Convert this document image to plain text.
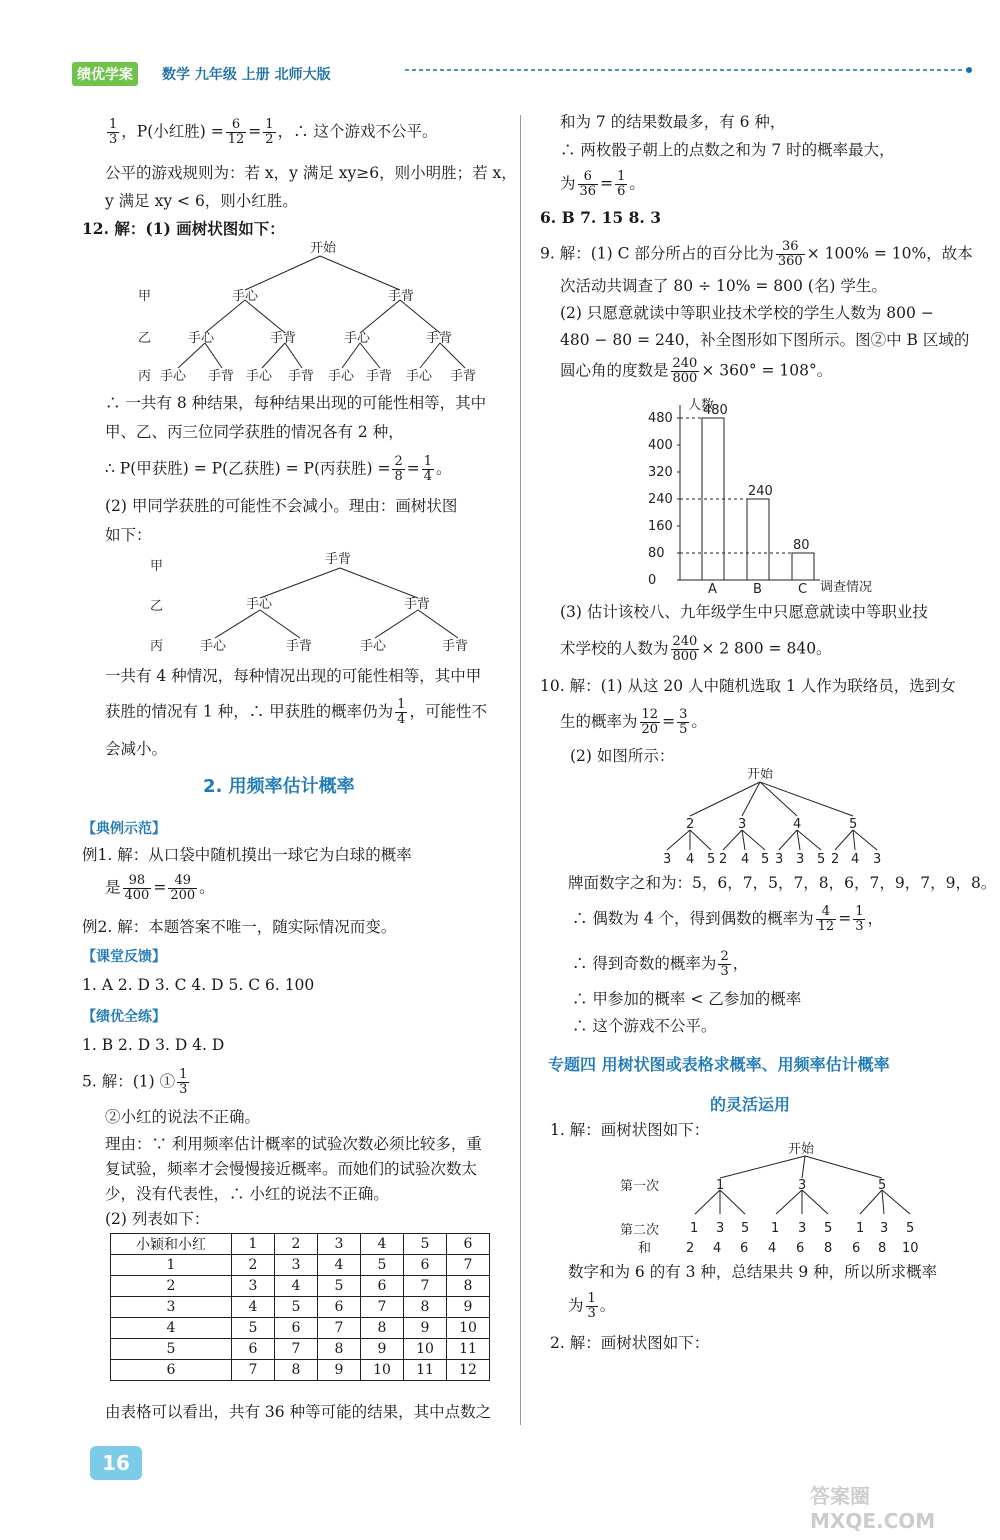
绩优学案	数学 九年级 上册 北师大版
$\frac{1}{3}$ ，P(小红胜) = $\frac{6}{12} = \frac{1}{2}$ ，∴ 这个游戏不公平。
公平的游戏规则为：若 x，y 满足 xy≥6，则小明胜；若 x，
y 满足 xy < 6，则小红胜。
12. 解：(1) 画树状图如下：
开始
甲
乙
丙
手心	手背
手心	手背	手心	手背
手心 手背 手心 手背 手心 手背 手心 手背
∴ 一共有 8 种结果，每种结果出现的可能性相等，其中
甲、乙、丙三位同学获胜的情况各有 2 种，
∴ P(甲获胜) = P(乙获胜) = P(丙获胜) = $\frac{2}{8} = \frac{1}{4}$ 。
(2) 甲同学获胜的可能性不会减小。理由：画树状图
如下：
手背
甲
乙
丙
手心	手背
手心	手背	手心	手背
一共有 4 种情况，每种情况出现的可能性相等，其中甲
获胜的情况有 1 种，∴ 甲获胜的概率仍为 $\frac{1}{4}$ ，可能性不
会减小。
2. 用频率估计概率
【典例示范】
例1. 解：从口袋中随机摸出一球它为白球的概率
是 $\frac{98}{400} = \frac{49}{200}$ 。
例2. 解：本题答案不唯一，随实际情况而变。
【课堂反馈】
1. A 2. D 3. C 4. D 5. C 6. 100
【绩优全练】
1. B 2. D 3. D 4. D
5. 解：(1) ① $\frac{1}{3}$
②小红的说法不正确。
理由：∵ 利用频率估计概率的试验次数必须比较多，重
复试验，频率才会慢慢接近概率。而她们的试验次数太
少，没有代表性，∴ 小红的说法不正确。
(2) 列表如下：
小颖和小红	1	2	3	4	5	6
1	2	3	4	5	6	7
2	3	4	5	6	7	8
3	4	5	6	7	8	9
4	5	6	7	8	9	10
5	6	7	8	9	10	11
6	7	8	9	10	11	12
由表格可以看出，共有 36 种等可能的结果，其中点数之
和为 7 的结果数最多，有 6 种，
∴ 两枚骰子朝上的点数之和为 7 时的概率最大，
为 $\frac{6}{36} = \frac{1}{6}$ 。
6. B 7. 15 8. 3
9. 解：(1) C 部分所占的百分比为 $\frac{36}{360} \times 100\% = 10\%$，故本
次活动共调查了 80 ÷ 10% = 800 (名) 学生。
(2) 只愿意就读中等职业技术学校的学生人数为 800 −
480 − 80 = 240，补全图形如下图所示。图②中 B 区域的
圆心角的度数是 $\frac{240}{800} \times 360^\circ = 108^\circ$。
人数
调查情况
480
400
320
240
160
80
0
480
A
240
B
80
C
(3) 估计该校八、九年级学生中只愿意就读中等职业技
术学校的人数为 $\frac{240}{800} \times 2$ 800 = 840。
10. 解：(1) 从这 20 人中随机选取 1 人作为联络员，选到女
生的概率为 $\frac{12}{20} = \frac{3}{5}$ 。
(2) 如图所示：
开始
2	3	4	5
3 4 5 2 4 5 3 3 5 2 4 3
牌面数字之和为：5，6，7，5，7，8，6，7，9，7，9，8。
∴ 偶数为 4 个，得到偶数的概率为 $\frac{4}{12} = \frac{1}{3}$ ，
∴ 得到奇数的概率为 $\frac{2}{3}$ ，
∴ 甲参加的概率 < 乙参加的概率
∴ 这个游戏不公平。
专题四 用树状图或表格求概率、用频率估计概率
的灵活运用
1. 解：画树状图如下：
开始
第一次
第二次
和
1	3	5
1 3 5 1 3 5 1 3 5
2 4 6 4 6 8 6 8 10
数字和为 6 的有 3 种，总结果共 9 种，所以所求概率
为 $\frac{1}{3}$ 。
2. 解：画树状图如下：
16
答案圈 MXQE.COM
